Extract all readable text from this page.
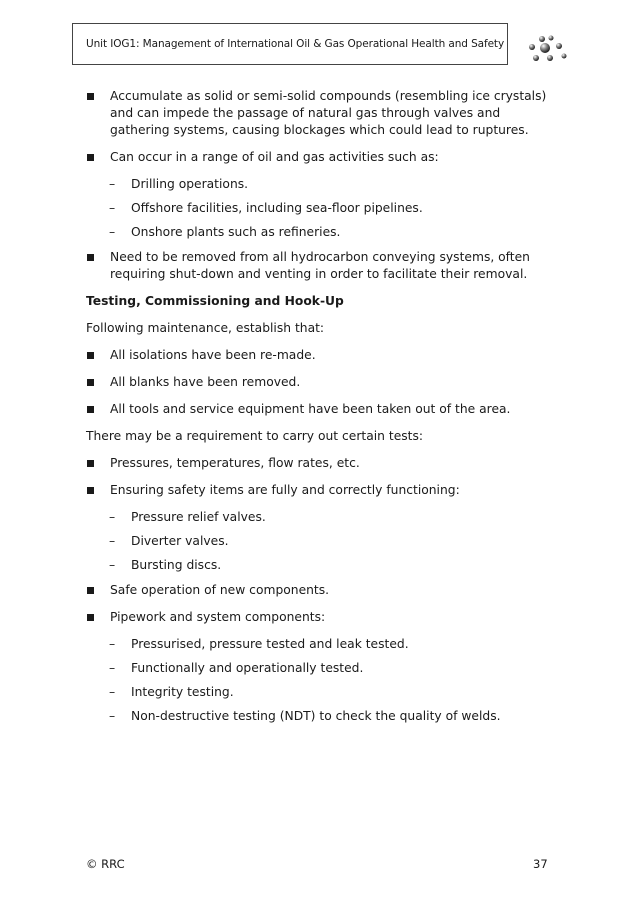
Unit IOG1: Management of International Oil & Gas Operational Health and Safety
Accumulate as solid or semi-solid compounds (resembling ice crystals) and can impede the passage of natural gas through valves and gathering systems, causing blockages which could lead to ruptures.
Can occur in a range of oil and gas activities such as:
– Drilling operations.
– Offshore facilities, including sea-floor pipelines.
– Onshore plants such as refineries.
Need to be removed from all hydrocarbon conveying systems, often requiring shut-down and venting in order to facilitate their removal.
Testing, Commissioning and Hook-Up
Following maintenance, establish that:
All isolations have been re-made.
All blanks have been removed.
All tools and service equipment have been taken out of the area.
There may be a requirement to carry out certain tests:
Pressures, temperatures, flow rates, etc.
Ensuring safety items are fully and correctly functioning:
– Pressure relief valves.
– Diverter valves.
– Bursting discs.
Safe operation of new components.
Pipework and system components:
– Pressurised, pressure tested and leak tested.
– Functionally and operationally tested.
– Integrity testing.
– Non-destructive testing (NDT) to check the quality of welds.
© RRC	37
